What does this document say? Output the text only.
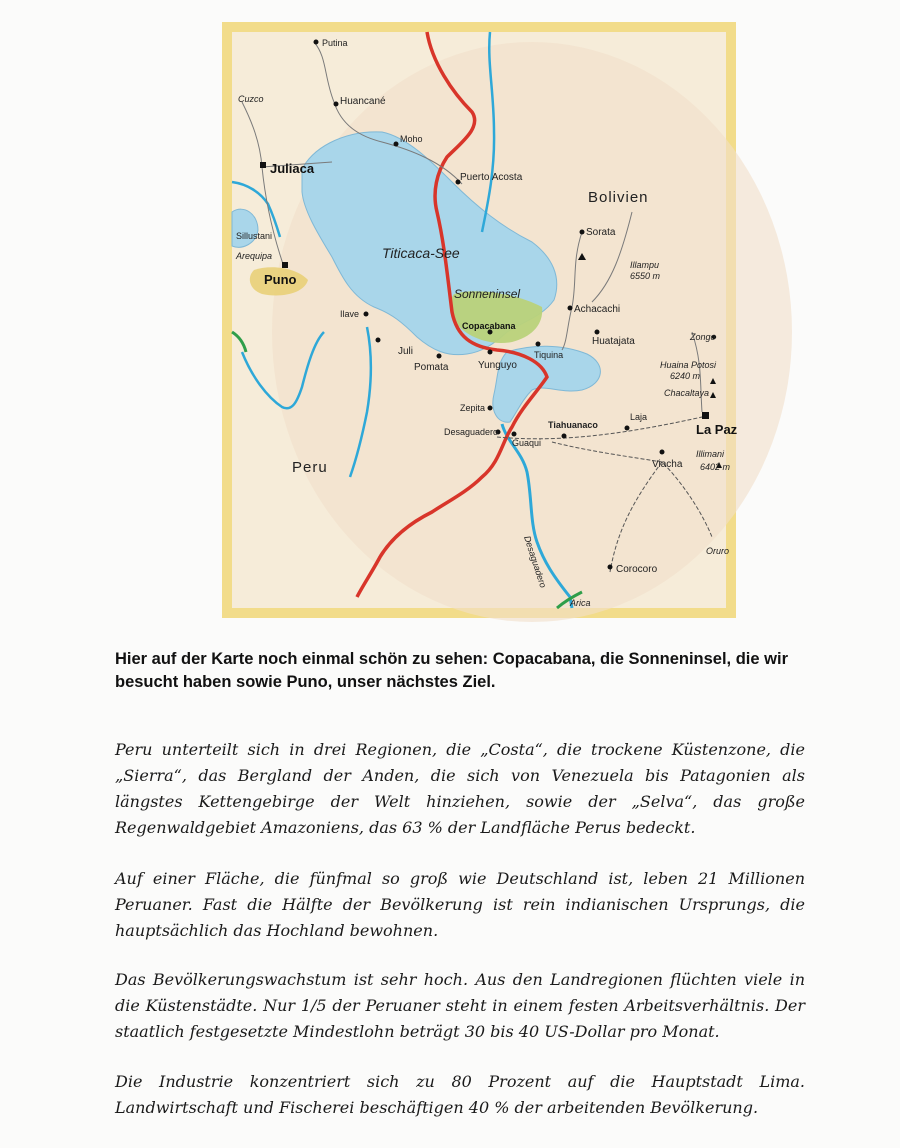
Putina
Cuzco	Huancané
Moho
Juliaca
Puerto Acosta
Bolivien
Sorata
Sillustani
Arequipa
Puno
Titicaca-See
Illampu
6550 m
Sonneninsel
Ilave
Copacabana
Achacachi
Huatajata	Zongo
Juli
Pomata	Yunguyo
Tiquina
Huaina Potosi
6240 m
Chacaltaya
Zepita
Tiahuanaco
Laja
La Paz
Desaguadero
Guaqui
Illimani
6402 m
Peru	Viacha
Desaguadero	Oruro
Corocoro
Arica

Hier auf der Karte noch einmal schön zu sehen: Copacabana, die Sonneninsel, die wir besucht haben sowie Puno, unser nächstes Ziel.

Peru unterteilt sich in drei Regionen, die „Costa“, die trockene Küstenzone, die „Sierra“, das Bergland der Anden, die sich von Venezuela bis Patagonien als längstes Kettengebirge der Welt hinziehen, sowie der „Selva“, das große Regenwaldgebiet Amazoniens, das 63 % der Landfläche Perus bedeckt.

Auf einer Fläche, die fünfmal so groß wie Deutschland ist, leben 21 Millionen Peruaner. Fast die Hälfte der Bevölkerung ist rein indianischen Ursprungs, die hauptsächlich das Hochland bewohnen.

Das Bevölkerungswachstum ist sehr hoch. Aus den Landregionen flüchten viele in die Küstenstädte. Nur 1/5 der Peruaner steht in einem festen Arbeitsverhältnis. Der staatlich festgesetzte Mindestlohn beträgt 30 bis 40 US-Dollar pro Monat.

Die Industrie konzentriert sich zu 80 Prozent auf die Hauptstadt Lima. Landwirtschaft und Fischerei beschäftigen 40 % der arbeitenden Bevölkerung.
